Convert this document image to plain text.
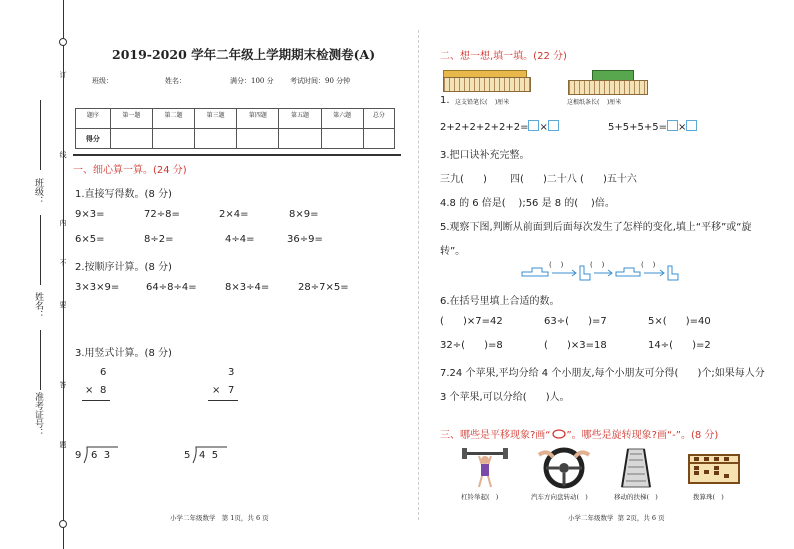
订
线
内
不
要
答
题
班级：
姓名：
准考证号：
2019-2020 学年二年级上学期期末检测卷(A)
班级：	姓名：	满分：100 分 考试时间：90 分钟
题序	第一题	第二题	第三题	第四题	第五题	第六题	总分
得分							
一、细心算一算。(24 分)
1.直接写得数。(8 分)
9×3=	72÷8=	2×4=	8×9=
6×5=	8÷2=	4÷4=	36÷9=
2.按顺序计算。(8 分)
3×3×9=	64÷8÷4=	8×3÷4=	28÷7×5=
3.用竖式计算。(8 分)
6
× 8
3
× 7
9 6  3	5 4  5
小学二年级数学   第 1页，共 6 页
二、想一想,填一填。(22 分)
1. 这支铅笔长(    )厘米	这根纸条长(    )厘米
2+2+2+2+2+2= ×	5+5+5+5= ×
3.把口诀补充完整。
三九(      ) 四(      )二十八 (      )五十六
4.8 的 6 倍是(    );56 是 8 的(    )倍。
5.观察下图,判断从前面到后面每次发生了怎样的变化,填上“平移”或“旋
转”。
(    )	(    )	(    )
6.在括号里填上合适的数。
(      )×7=42	63÷(      )=7	5×(      )=40
32÷(      )=8	(      )×3=18	14÷(      )=2
7.24 个苹果,平均分给 4 个小朋友,每个小朋友可分得(      )个;如果每人分
3 个苹果,可以分给(      )人。
三、哪些是平移现象?画“○”。哪些是旋转现象?画“-”。(8 分)
杠铃举起(   )	汽车方向盘转动(   )	移动的扶梯(   )	拨算珠(   )
小学二年级数学  第 2页，共 6 页
